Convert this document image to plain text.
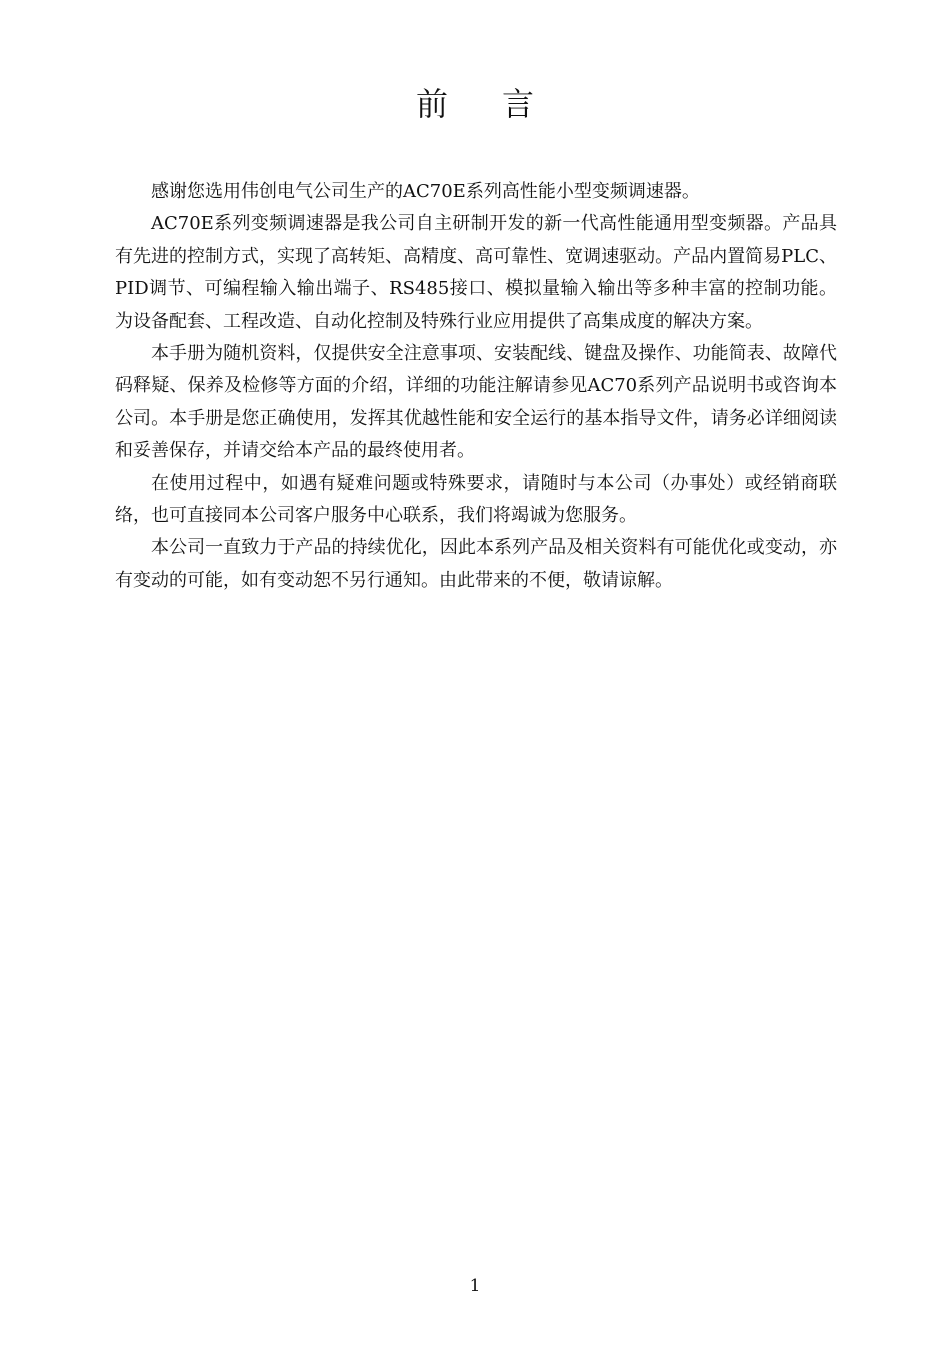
前 言

感谢您选用伟创电气公司生产的AC70E系列高性能小型变频调速器。

AC70E系列变频调速器是我公司自主研制开发的新一代高性能通用型变频器。产品具有先进的控制方式，实现了高转矩、高精度、高可靠性、宽调速驱动。产品内置简易PLC、PID调节、可编程输入输出端子、RS485接口、模拟量输入输出等多种丰富的控制功能。为设备配套、工程改造、自动化控制及特殊行业应用提供了高集成度的解决方案。

本手册为随机资料，仅提供安全注意事项、安装配线、键盘及操作、功能简表、故障代码释疑、保养及检修等方面的介绍，详细的功能注解请参见AC70系列产品说明书或咨询本公司。本手册是您正确使用，发挥其优越性能和安全运行的基本指导文件，请务必详细阅读和妥善保存，并请交给本产品的最终使用者。

在使用过程中，如遇有疑难问题或特殊要求，请随时与本公司（办事处）或经销商联络，也可直接同本公司客户服务中心联系，我们将竭诚为您服务。

本公司一直致力于产品的持续优化，因此本系列产品及相关资料有可能优化或变动，亦有变动的可能，如有变动恕不另行通知。由此带来的不便，敬请谅解。

1
